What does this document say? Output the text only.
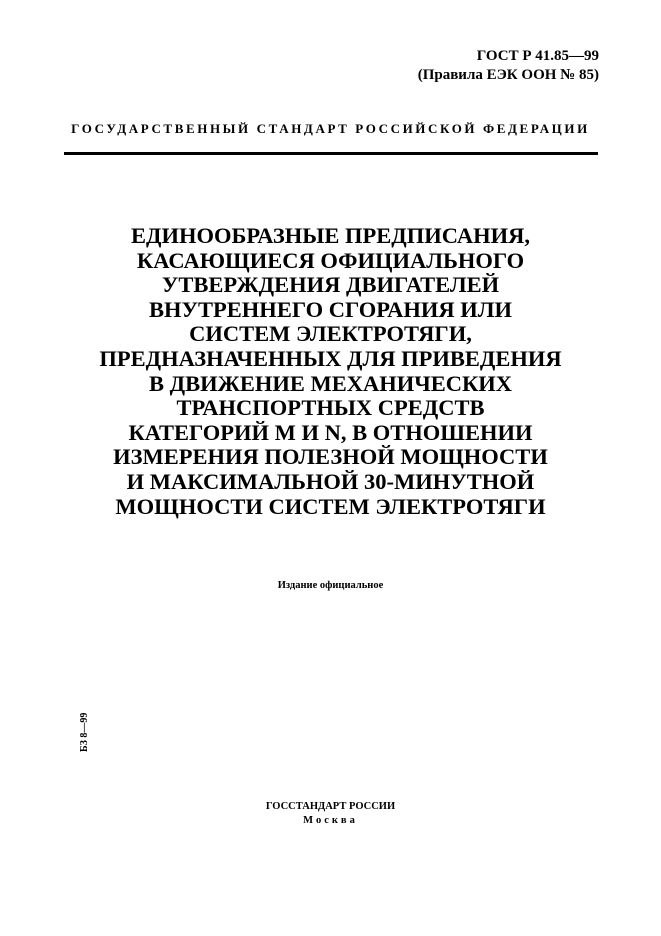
ГОСТ Р 41.85—99
(Правила ЕЭК ООН № 85)
ГОСУДАРСТВЕННЫЙ СТАНДАРТ РОССИЙСКОЙ ФЕДЕРАЦИИ
ЕДИНООБРАЗНЫЕ ПРЕДПИСАНИЯ,
КАСАЮЩИЕСЯ ОФИЦИАЛЬНОГО
УТВЕРЖДЕНИЯ ДВИГАТЕЛЕЙ
ВНУТРЕННЕГО СГОРАНИЯ ИЛИ
СИСТЕМ ЭЛЕКТРОТЯГИ,
ПРЕДНАЗНАЧЕННЫХ ДЛЯ ПРИВЕДЕНИЯ
В ДВИЖЕНИЕ МЕХАНИЧЕСКИХ
ТРАНСПОРТНЫХ СРЕДСТВ
КАТЕГОРИЙ M И N, В ОТНОШЕНИИ
ИЗМЕРЕНИЯ ПОЛЕЗНОЙ МОЩНОСТИ
И МАКСИМАЛЬНОЙ 30-МИНУТНОЙ
МОЩНОСТИ СИСТЕМ ЭЛЕКТРОТЯГИ
Издание официальное
БЗ 8—99
ГОССТАНДАРТ РОССИИ
Москва
